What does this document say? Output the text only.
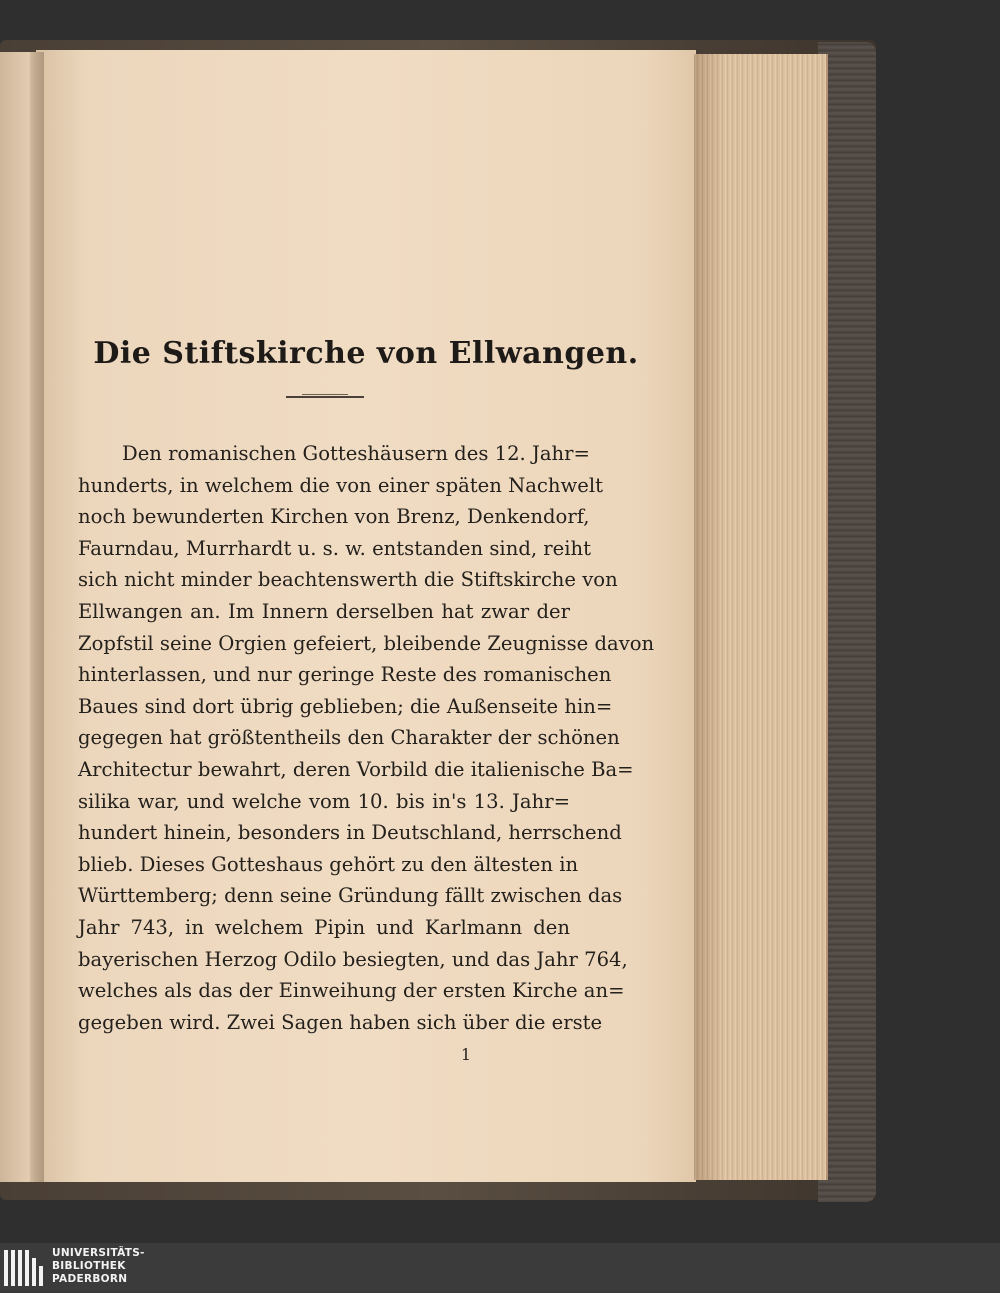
Die Stiftskirche von Ellwangen.
Den romanischen Gotteshäusern des 12. Jahr=
hunderts, in welchem die von einer späten Nachwelt
noch bewunderten Kirchen von Brenz, Denkendorf,
Faurndau, Murrhardt u. s. w. entstanden sind, reiht
sich nicht minder beachtenswerth die Stiftskirche von
Ellwangen an. Im Innern derselben hat zwar der
Zopfstil seine Orgien gefeiert, bleibende Zeugnisse davon
hinterlassen, und nur geringe Reste des romanischen
Baues sind dort übrig geblieben; die Außenseite hin=
gegegen hat größtentheils den Charakter der schönen
Architectur bewahrt, deren Vorbild die italienische Ba=
silika war, und welche vom 10. bis in's 13. Jahr=
hundert hinein, besonders in Deutschland, herrschend
blieb. Dieses Gotteshaus gehört zu den ältesten in
Württemberg; denn seine Gründung fällt zwischen das
Jahr 743, in welchem Pipin und Karlmann den
bayerischen Herzog Odilo besiegten, und das Jahr 764,
welches als das der Einweihung der ersten Kirche an=
gegeben wird. Zwei Sagen haben sich über die erste
1
UNIVERSITÄTS-
BIBLIOTHEK
PADERBORN
